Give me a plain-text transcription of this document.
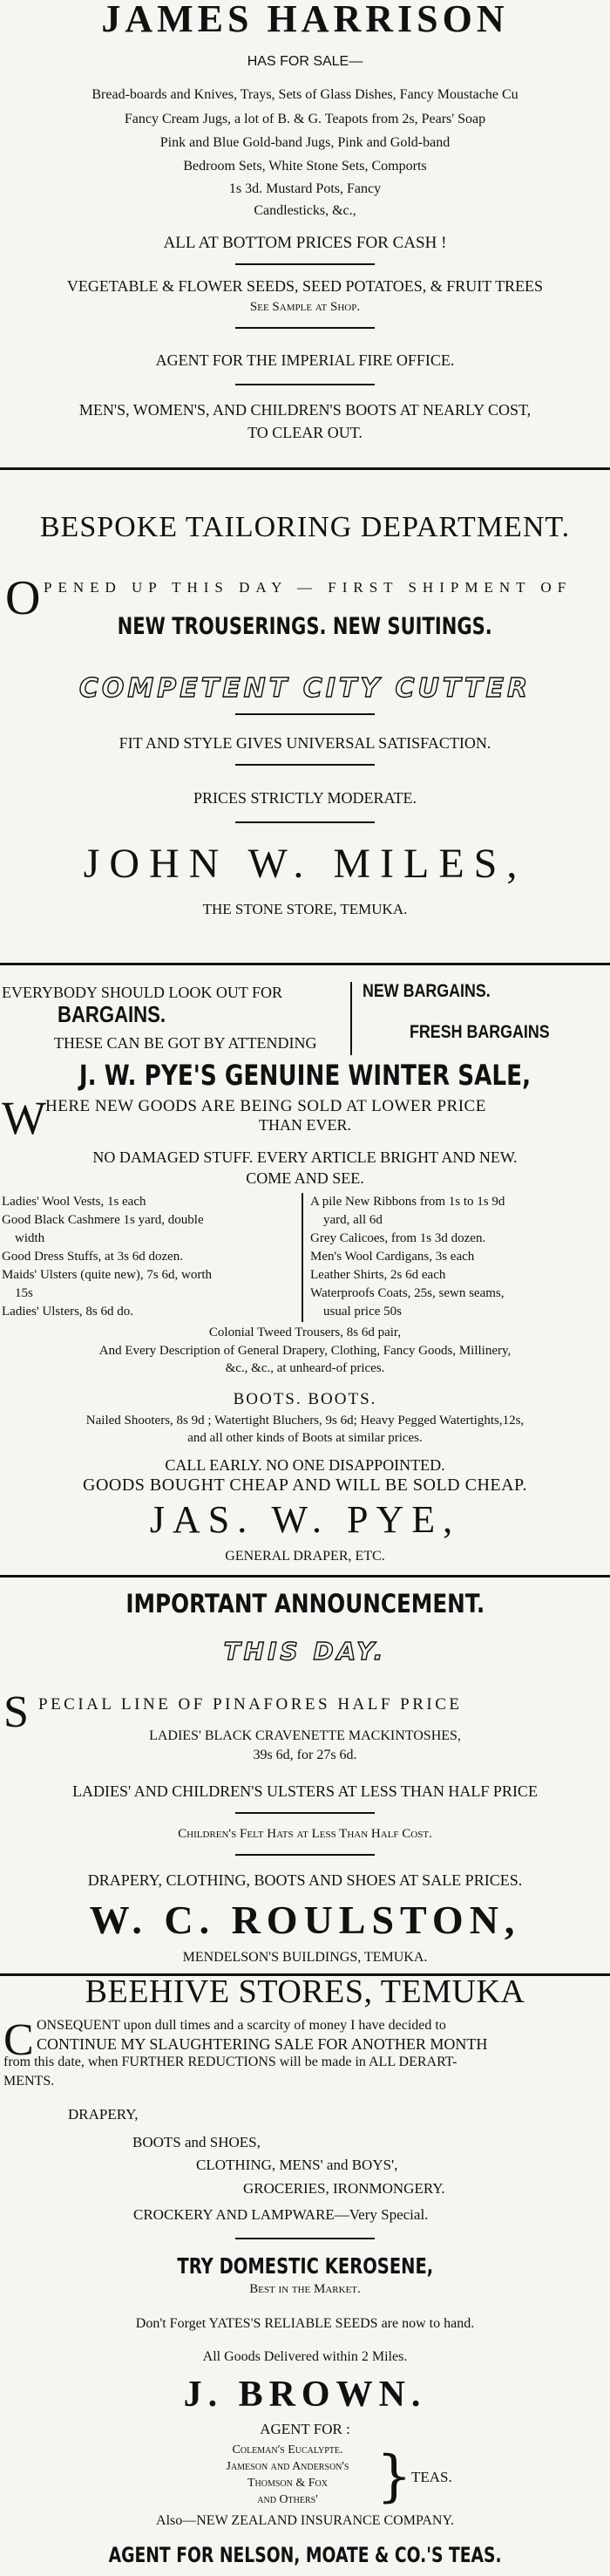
JAMES HARRISON
HAS FOR SALE—
Bread-boards and Knives, Trays, Sets of Glass Dishes, Fancy Moustache Cu
Fancy Cream Jugs, a lot of B. & G. Teapots from 2s, Pears' Soap
Pink and Blue Gold-band Jugs, Pink and Gold-band
Bedroom Sets, White Stone Sets, Comports
1s 3d. Mustard Pots, Fancy
Candlesticks, &c.,
ALL AT BOTTOM PRICES FOR CASH !
VEGETABLE & FLOWER SEEDS, SEED POTATOES, & FRUIT TREES
See Sample at Shop.
AGENT FOR THE IMPERIAL FIRE OFFICE.
MEN'S, WOMEN'S, AND CHILDREN'S BOOTS AT NEARLY COST,
TO CLEAR OUT.
BESPOKE TAILORING DEPARTMENT.
O PENED UP THIS DAY — FIRST SHIPMENT OF
NEW TROUSERINGS. NEW SUITINGS.
COMPETENT CITY CUTTER
FIT AND STYLE GIVES UNIVERSAL SATISFACTION.
PRICES STRICTLY MODERATE.
JOHN W. MILES,
THE STONE STORE, TEMUKA.
EVERYBODY SHOULD LOOK OUT FOR	NEW BARGAINS.
BARGAINS.
FRESH BARGAINS
THESE CAN BE GOT BY ATTENDING
J. W. PYE'S GENUINE WINTER SALE,
W HERE NEW GOODS ARE BEING SOLD AT LOWER PRICE
THAN EVER.
NO DAMAGED STUFF. EVERY ARTICLE BRIGHT AND NEW.
COME AND SEE.
Ladies' Wool Vests, 1s each
Good Black Cashmere 1s yard, double
width
Good Dress Stuffs, at 3s 6d dozen.
Maids' Ulsters (quite new), 7s 6d, worth
15s
Ladies' Ulsters, 8s 6d do.
A pile New Ribbons from 1s to 1s 9d
yard, all 6d
Grey Calicoes, from 1s 3d dozen.
Men's Wool Cardigans, 3s each
Leather Shirts, 2s 6d each
Waterproofs Coats, 25s, sewn seams,
usual price 50s
Colonial Tweed Trousers, 8s 6d pair,
And Every Description of General Drapery, Clothing, Fancy Goods, Millinery,
&c., &c., at unheard-of prices.
BOOTS. BOOTS.
Nailed Shooters, 8s 9d ; Watertight Bluchers, 9s 6d; Heavy Pegged Watertights,12s,
and all other kinds of Boots at similar prices.
CALL EARLY. NO ONE DISAPPOINTED.
GOODS BOUGHT CHEAP AND WILL BE SOLD CHEAP.
JAS. W. PYE,
GENERAL DRAPER, ETC.
IMPORTANT ANNOUNCEMENT.
THIS DAY.
S PECIAL LINE OF PINAFORES HALF PRICE
LADIES' BLACK CRAVENETTE MACKINTOSHES,
39s 6d, for 27s 6d.
LADIES' AND CHILDREN'S ULSTERS AT LESS THAN HALF PRICE
Children's Felt Hats at Less Than Half Cost.
DRAPERY, CLOTHING, BOOTS AND SHOES AT SALE PRICES.
W. C. ROULSTON,
MENDELSON'S BUILDINGS, TEMUKA.
BEEHIVE STORES, TEMUKA
C ONSEQUENT upon dull times and a scarcity of money I have decided to
CONTINUE MY SLAUGHTERING SALE FOR ANOTHER MONTH
from this date, when FURTHER REDUCTIONS will be made in ALL DERART-
MENTS.
DRAPERY,
BOOTS and SHOES,
CLOTHING, MENS' and BOYS',
GROCERIES, IRONMONGERY.
CROCKERY AND LAMPWARE—Very Special.
TRY DOMESTIC KEROSENE,
Best in the Market.
Don't Forget YATES'S RELIABLE SEEDS are now to hand.
All Goods Delivered within 2 Miles.
J. BROWN.
AGENT FOR :
Coleman's Eucalypte.
Jameson and Anderson's
Thomson & Fox
and Others'	} TEAS.
Also—NEW ZEALAND INSURANCE COMPANY.
AGENT FOR NELSON, MOATE & CO.'S TEAS.
